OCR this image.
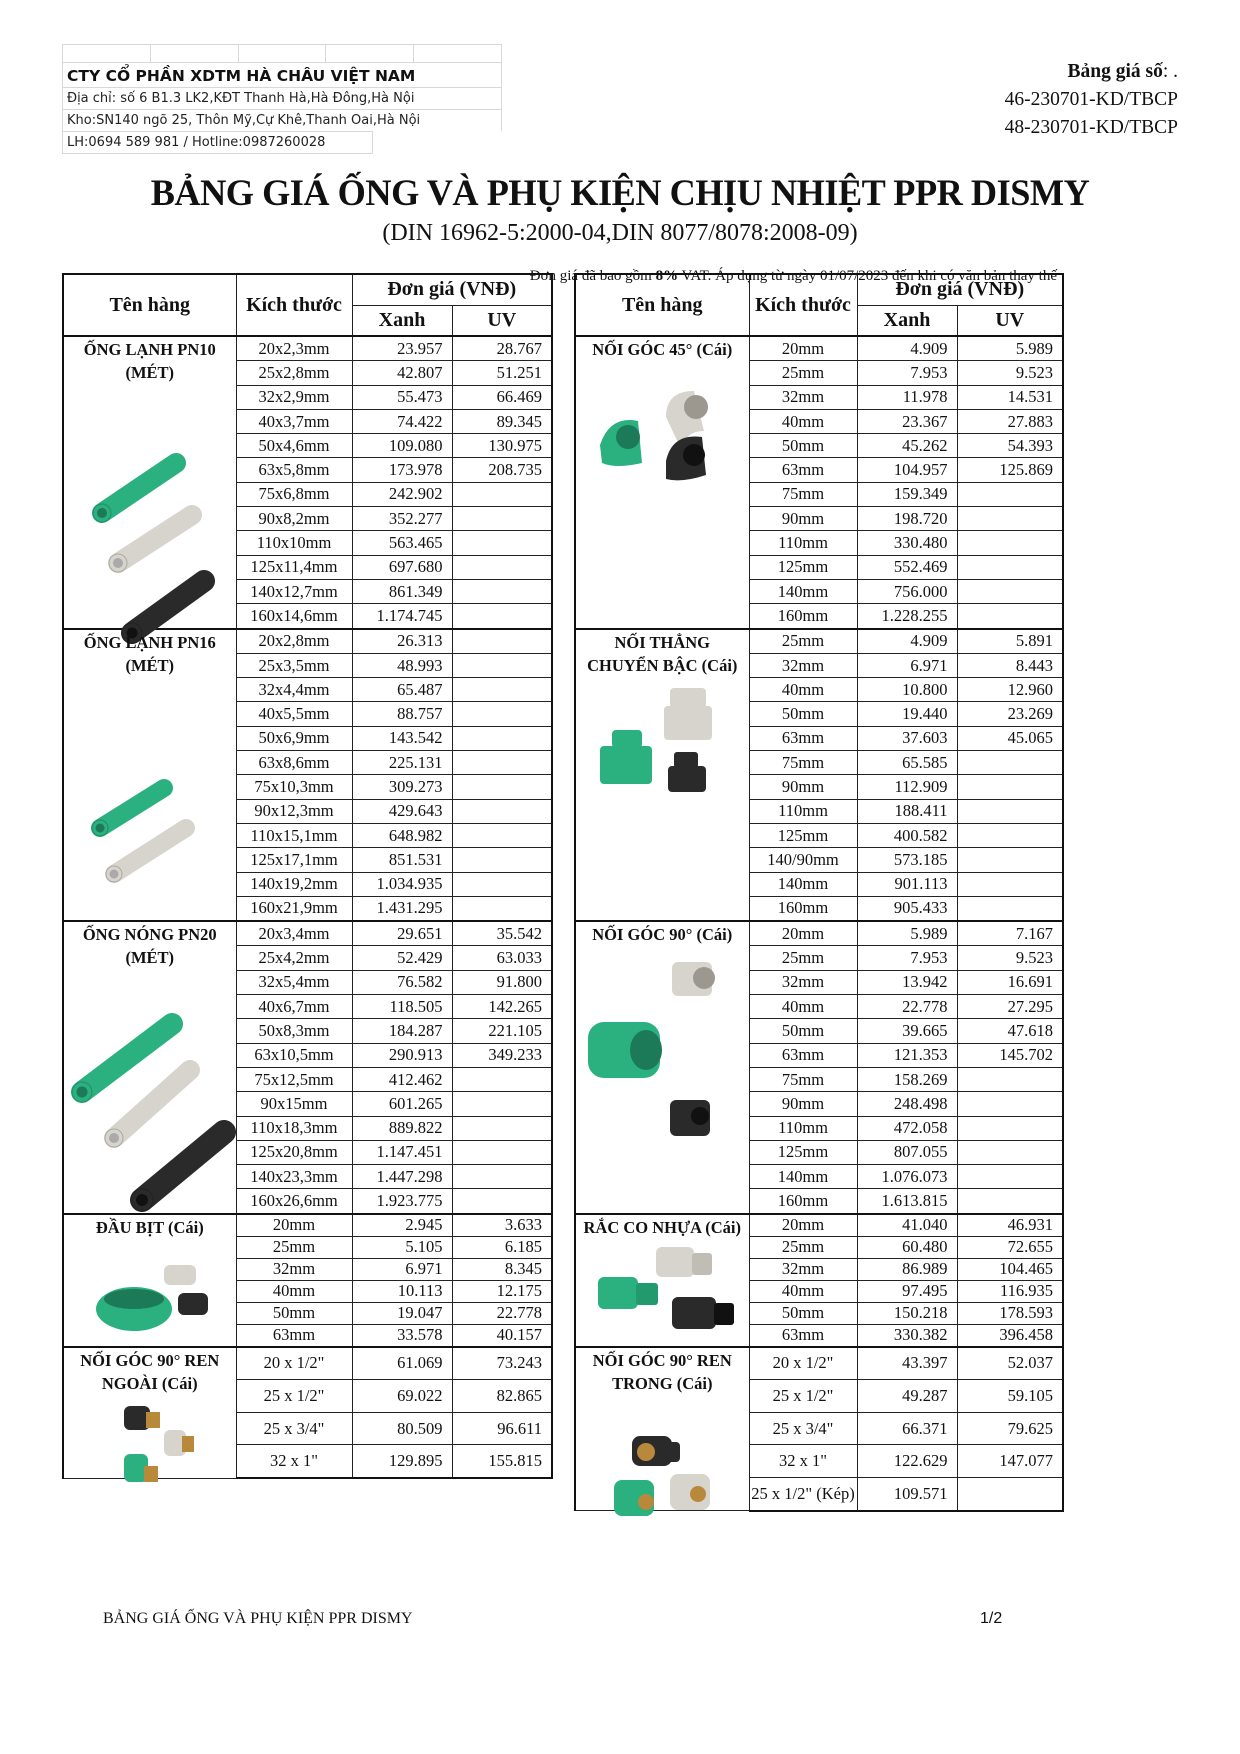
CTY CỔ PHẦN XDTM HÀ CHÂU VIỆT NAM
Địa chỉ: số 6 B1.3 LK2,KĐT Thanh Hà,Hà Đông,Hà Nội
Kho:SN140 ngõ 25, Thôn Mỹ,Cự Khê,Thanh Oai,Hà Nội
LH:0694 589 981 / Hotline:0987260028
Bảng giá số: .
46-230701-KD/TBCP
48-230701-KD/TBCP
BẢNG GIÁ ỐNG VÀ PHỤ KIỆN CHỊU NHIỆT PPR DISMY
(DIN 16962-5:2000-04,DIN 8077/8078:2008-09)
Đơn giá đã bao gồm 8% VAT. Áp dụng từ ngày 01/07/2023 đến khi có văn bản thay thế
Tên hàng	Kích thước	Đơn giá (VNĐ)	
		Xanh	UV

ỐNG LẠNH PN10 (MÉT)	20x2,3mm	23.957	28.767
	25x2,8mm	42.807	51.251
	32x2,9mm	55.473	66.469
	40x3,7mm	74.422	89.345
	50x4,6mm	109.080	130.975
	63x5,8mm	173.978	208.735
	75x6,8mm	242.902	
	90x8,2mm	352.277	
	110x10mm	563.465	
	125x11,4mm	697.680	
	140x12,7mm	861.349	
	160x14,6mm	1.174.745	

ỐNG LẠNH PN16 (MÉT)	20x2,8mm	26.313	
	25x3,5mm	48.993	
	32x4,4mm	65.487	
	40x5,5mm	88.757	
	50x6,9mm	143.542	
	63x8,6mm	225.131	
	75x10,3mm	309.273	
	90x12,3mm	429.643	
	110x15,1mm	648.982	
	125x17,1mm	851.531	
	140x19,2mm	1.034.935	
	160x21,9mm	1.431.295	

ỐNG NÓNG PN20 (MÉT)	20x3,4mm	29.651	35.542
	25x4,2mm	52.429	63.033
	32x5,4mm	76.582	91.800
	40x6,7mm	118.505	142.265
	50x8,3mm	184.287	221.105
	63x10,5mm	290.913	349.233
	75x12,5mm	412.462	
	90x15mm	601.265	
	110x18,3mm	889.822	
	125x20,8mm	1.147.451	
	140x23,3mm	1.447.298	
	160x26,6mm	1.923.775	

ĐẦU BỊT (Cái)	20mm	2.945	3.633
	25mm	5.105	6.185
	32mm	6.971	8.345
	40mm	10.113	12.175
	50mm	19.047	22.778
	63mm	33.578	40.157

NỐI GÓC 90° REN NGOÀI (Cái)	20 x 1/2"	61.069	73.243
	25 x 1/2"	69.022	82.865
	25 x 3/4"	80.509	96.611
	32 x 1"	129.895	155.815
Tên hàng	Kích thước	Đơn giá (VNĐ)	
		Xanh	UV

NỐI GÓC 45° (Cái)	20mm	4.909	5.989
	25mm	7.953	9.523
	32mm	11.978	14.531
	40mm	23.367	27.883
	50mm	45.262	54.393
	63mm	104.957	125.869
	75mm	159.349	
	90mm	198.720	
	110mm	330.480	
	125mm	552.469	
	140mm	756.000	
	160mm	1.228.255	

NỐI THẲNG CHUYỂN BẬC (Cái)	25mm	4.909	5.891
	32mm	6.971	8.443
	40mm	10.800	12.960
	50mm	19.440	23.269
	63mm	37.603	45.065
	75mm	65.585	
	90mm	112.909	
	110mm	188.411	
	125mm	400.582	
	140/90mm	573.185	
	140mm	901.113	
	160mm	905.433	

NỐI GÓC 90° (Cái)	20mm	5.989	7.167
	25mm	7.953	9.523
	32mm	13.942	16.691
	40mm	22.778	27.295
	50mm	39.665	47.618
	63mm	121.353	145.702
	75mm	158.269	
	90mm	248.498	
	110mm	472.058	
	125mm	807.055	
	140mm	1.076.073	
	160mm	1.613.815	

RẮC CO NHỰA (Cái)	20mm	41.040	46.931
	25mm	60.480	72.655
	32mm	86.989	104.465
	40mm	97.495	116.935
	50mm	150.218	178.593
	63mm	330.382	396.458

NỐI GÓC 90° REN TRONG (Cái)	20 x 1/2"	43.397	52.037
	25 x 1/2"	49.287	59.105
	25 x 3/4"	66.371	79.625
	32 x 1"	122.629	147.077
	25 x 1/2" (Kép)	109.571	
BẢNG GIÁ ỐNG VÀ PHỤ KIỆN PPR DISMY	1/2
